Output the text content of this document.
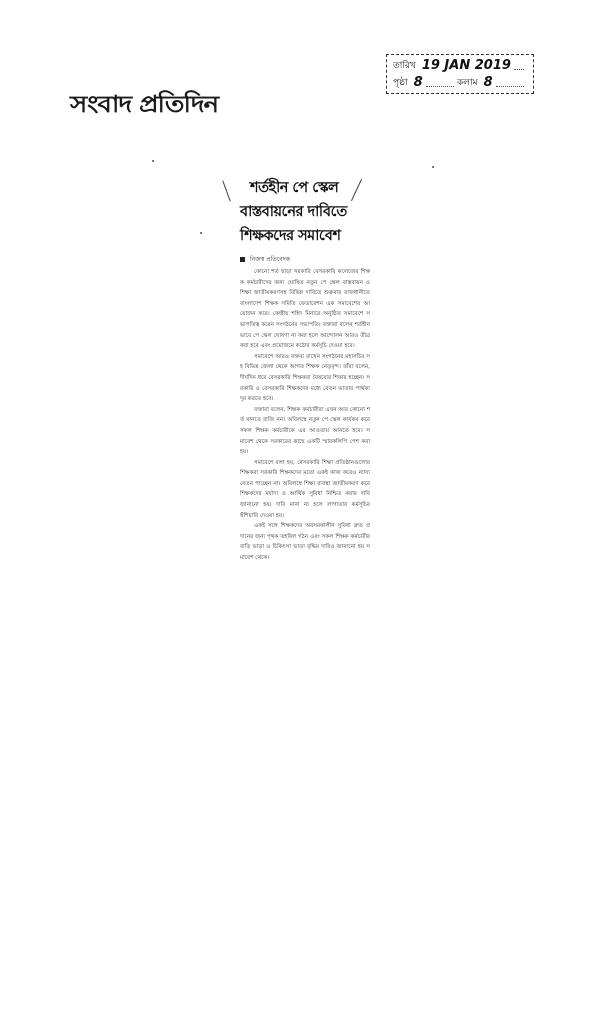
সংবাদ প্রতিদিন
তারিখ 19 JAN 2019
পৃষ্ঠা 8	কলাম 8
শর্তহীন পে স্কেল
বাস্তবায়নের দাবিতে
শিক্ষকদের সমাবেশ
নিজস্ব প্রতিবেদক

কোনো শর্ত ছাড়া সরকারি বেসরকারি কলেজের শিক্ষক কর্মচারীদের জন্য ঘোষিত নতুন পে স্কেল বাস্তবায়ন ও শিক্ষা জাতীয়করণসহ বিভিন্ন দাবিতে শুক্রবার রাজধানীতে বাংলাদেশ শিক্ষক সমিতি ফেডারেশন এক সমাবেশের আয়োজন করে। কেন্দ্রীয় শহিদ মিনারে অনুষ্ঠিত সমাবেশে সভাপতিত্ব করেন সংগঠনের সভাপতি। বক্তারা বলেন শর্তহীনভাবে পে স্কেল ঘোষণা না করা হলে আন্দোলন আরও তীব্র করা হবে এবং প্রয়োজনে কঠোর কর্মসূচি দেওয়া হবে।

সমাবেশে আরও বক্তব্য রাখেন সংগঠনের মহাসচিব সহ বিভিন্ন জেলা থেকে আগত শিক্ষক নেতৃবৃন্দ। তাঁরা বলেন, দীর্ঘদিন ধরে বেসরকারি শিক্ষকরা বৈষম্যের শিকার হচ্ছেন। সরকারি ও বেসরকারি শিক্ষকদের মধ্যে বেতন ভাতার পার্থক্য দূর করতে হবে।

বক্তারা বলেন, শিক্ষক কর্মচারীরা এখন আর কোনো শর্ত মানতে রাজি নন। অবিলম্বে নতুন পে স্কেল কার্যকর করে সকল শিক্ষক কর্মচারীকে এর আওতায় আনতে হবে। সমাবেশ থেকে সরকারের কাছে একটি স্মারকলিপি পেশ করা হয়।

সমাবেশে বলা হয়, বেসরকারি শিক্ষা প্রতিষ্ঠানগুলোর শিক্ষকরা সরকারি শিক্ষকদের মতো একই কাজ করেও ন্যায্য বেতন পাচ্ছেন না। অবিলম্বে শিক্ষা ব্যবস্থা জাতীয়করণ করে শিক্ষকদের মর্যাদা ও আর্থিক সুবিধা নিশ্চিত করার দাবি জানানো হয়। দাবি মানা না হলে লাগাতার কর্মসূচির হুঁশিয়ারি দেওয়া হয়।

একই সঙ্গে শিক্ষকদের অবসরকালীন সুবিধা দ্রুত প্রদানের জন্য পৃথক তহবিল গঠন এবং সকল শিক্ষক কর্মচারীর বাড়ি ভাড়া ও চিকিৎসা ভাতা বৃদ্ধির দাবিও জানানো হয় সমাবেশ থেকে।
